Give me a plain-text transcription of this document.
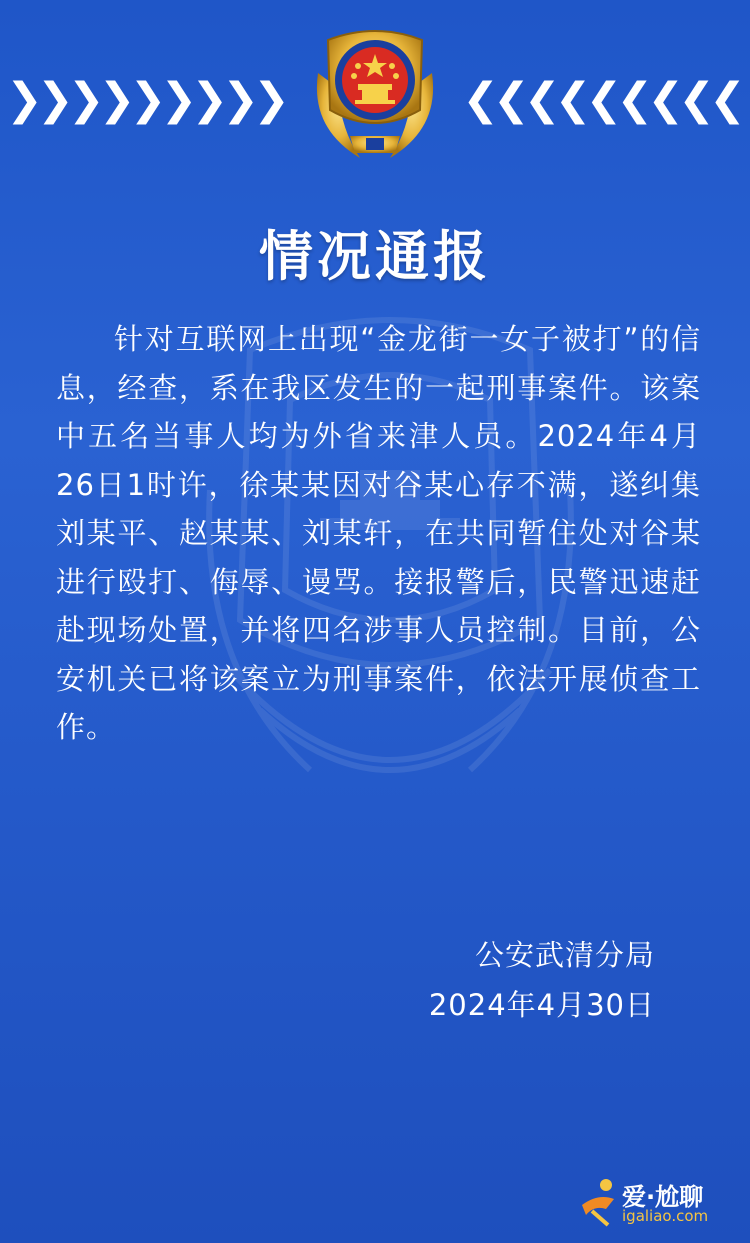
❯❯❯❯❯❯❯❯❯	❮❮❮❮❮❮❮❮❮
情况通报
针对互联网上出现“金龙街一女子被打”的信息，经查，系在我区发生的一起刑事案件。该案中五名当事人均为外省来津人员。2024年4月26日1时许，徐某某因对谷某心存不满，遂纠集刘某平、赵某某、刘某轩，在共同暂住处对谷某进行殴打、侮辱、谩骂。接报警后，民警迅速赶赴现场处置，并将四名涉事人员控制。目前，公安机关已将该案立为刑事案件，依法开展侦查工作。
公安武清分局
2024年4月30日
爱·尬聊
igaliao.com
